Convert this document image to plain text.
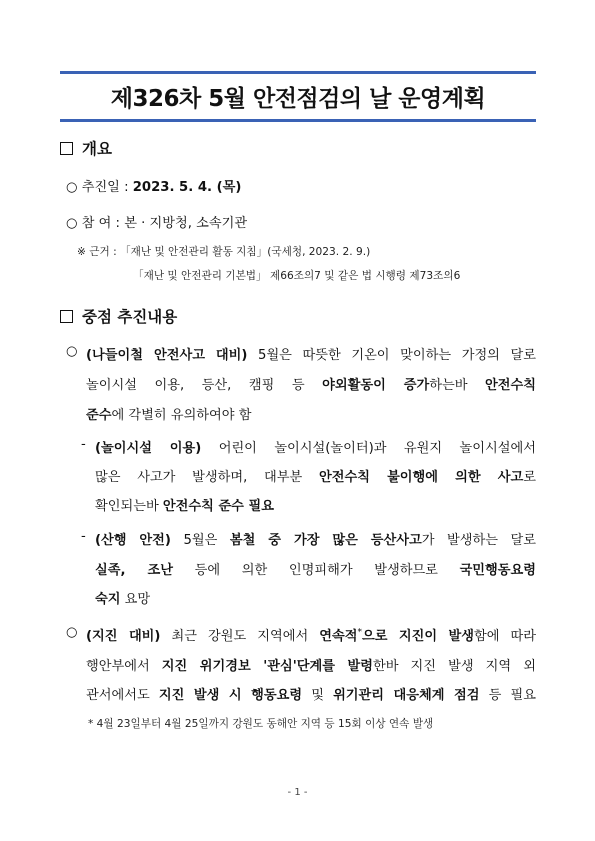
제326차 5월 안전점검의 날 운영계획
개요
○ 추진일 : 2023. 5. 4. (목)
○ 참 여 : 본 · 지방청, 소속기관
※ 근거 : 「재난 및 안전관리 활동 지침」(국세청, 2023. 2. 9.)
「재난 및 안전관리 기본법」 제66조의7 및 같은 법 시행령 제73조의6
중점 추진내용
○ (나들이철 안전사고 대비) 5월은 따뜻한 기온이 맞이하는 가정의 달로
놀이시설 이용, 등산, 캠핑 등 야외활동이 증가하는바 안전수칙
준수에 각별히 유의하여야 함
- (놀이시설 이용) 어린이 놀이시설(놀이터)과 유원지 놀이시설에서
많은 사고가 발생하며, 대부분 안전수칙 불이행에 의한 사고로
확인되는바 안전수칙 준수 필요
- (산행 안전) 5월은 봄철 중 가장 많은 등산사고가 발생하는 달로
실족, 조난 등에 의한 인명피해가 발생하므로 국민행동요령
숙지 요망
○ (지진 대비) 최근 강원도 지역에서 연속적*으로 지진이 발생함에 따라
행안부에서 지진 위기경보 '관심'단계를 발령한바 지진 발생 지역 외
관서에서도 지진 발생 시 행동요령 및 위기관리 대응체계 점검 등 필요
* 4월 23일부터 4월 25일까지 강원도 동해안 지역 등 15회 이상 연속 발생
- 1 -
